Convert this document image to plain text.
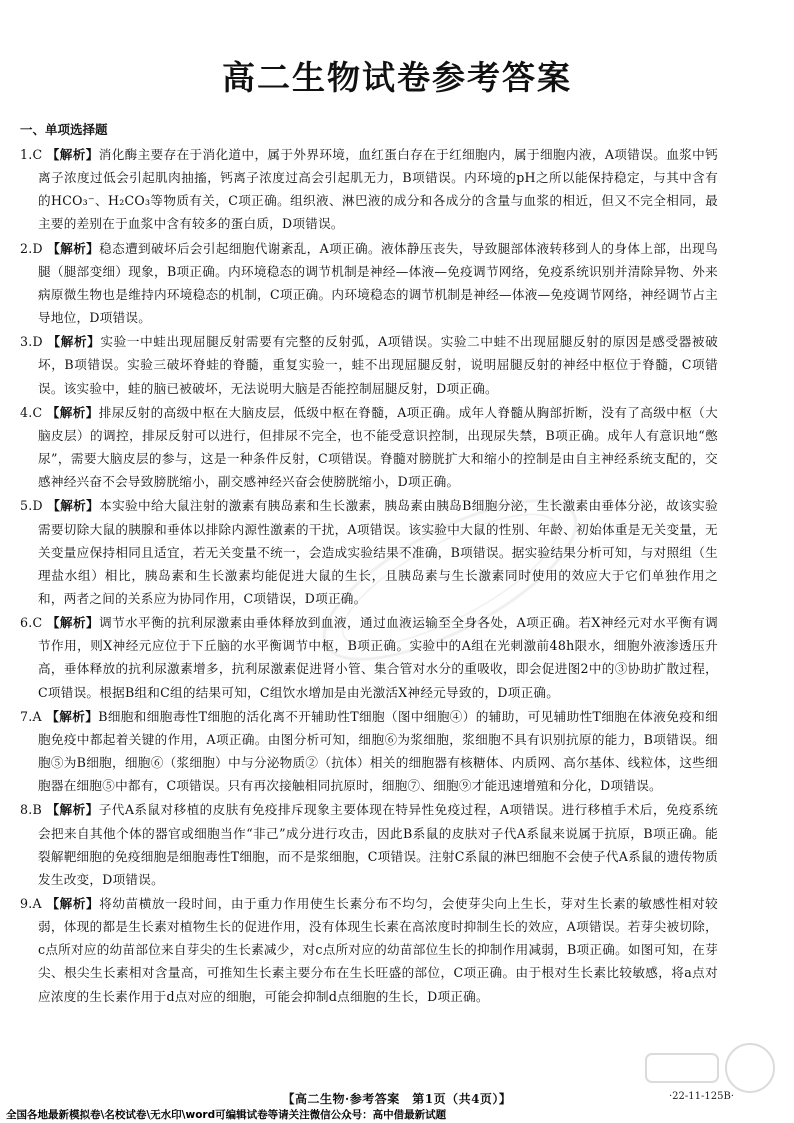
高二生物试卷参考答案
一、单项选择题

1.C 【解析】消化酶主要存在于消化道中，属于外界环境，血红蛋白存在于红细胞内，属于细胞内液，A项错误。血浆中钙离子浓度过低会引起肌肉抽搐，钙离子浓度过高会引起肌无力，B项错误。内环境的pH之所以能保持稳定，与其中含有的HCO₃⁻、H₂CO₃等物质有关，C项正确。组织液、淋巴液的成分和各成分的含量与血浆的相近，但又不完全相同，最主要的差别在于血浆中含有较多的蛋白质，D项错误。

2.D 【解析】稳态遭到破坏后会引起细胞代谢紊乱，A项正确。液体静压丧失，导致腿部体液转移到人的身体上部，出现鸟腿（腿部变细）现象，B项正确。内环境稳态的调节机制是神经—体液—免疫调节网络，免疫系统识别并清除异物、外来病原微生物也是维持内环境稳态的机制，C项正确。内环境稳态的调节机制是神经—体液—免疫调节网络，神经调节占主导地位，D项错误。

3.D 【解析】实验一中蛙出现屈腿反射需要有完整的反射弧，A项错误。实验二中蛙不出现屈腿反射的原因是感受器被破坏，B项错误。实验三破坏脊蛙的脊髓，重复实验一，蛙不出现屈腿反射，说明屈腿反射的神经中枢位于脊髓，C项错误。该实验中，蛙的脑已被破坏，无法说明大脑是否能控制屈腿反射，D项正确。

4.C 【解析】排尿反射的高级中枢在大脑皮层，低级中枢在脊髓，A项正确。成年人脊髓从胸部折断，没有了高级中枢（大脑皮层）的调控，排尿反射可以进行，但排尿不完全，也不能受意识控制，出现尿失禁，B项正确。成年人有意识地“憋尿”，需要大脑皮层的参与，这是一种条件反射，C项错误。脊髓对膀胱扩大和缩小的控制是由自主神经系统支配的，交感神经兴奋不会导致膀胱缩小，副交感神经兴奋会使膀胱缩小，D项正确。

5.D 【解析】本实验中给大鼠注射的激素有胰岛素和生长激素，胰岛素由胰岛B细胞分泌，生长激素由垂体分泌，故该实验需要切除大鼠的胰腺和垂体以排除内源性激素的干扰，A项错误。该实验中大鼠的性别、年龄、初始体重是无关变量，无关变量应保持相同且适宜，若无关变量不统一，会造成实验结果不准确，B项错误。据实验结果分析可知，与对照组（生理盐水组）相比，胰岛素和生长激素均能促进大鼠的生长，且胰岛素与生长激素同时使用的效应大于它们单独作用之和，两者之间的关系应为协同作用，C项错误，D项正确。

6.C 【解析】调节水平衡的抗利尿激素由垂体释放到血液，通过血液运输至全身各处，A项正确。若X神经元对水平衡有调节作用，则X神经元应位于下丘脑的水平衡调节中枢，B项正确。实验中的A组在光刺激前48h限水，细胞外液渗透压升高，垂体释放的抗利尿激素增多，抗利尿激素促进肾小管、集合管对水分的重吸收，即会促进图2中的③协助扩散过程，C项错误。根据B组和C组的结果可知，C组饮水增加是由光激活X神经元导致的，D项正确。

7.A 【解析】B细胞和细胞毒性T细胞的活化离不开辅助性T细胞（图中细胞④）的辅助，可见辅助性T细胞在体液免疫和细胞免疫中都起着关键的作用，A项正确。由图分析可知，细胞⑥为浆细胞，浆细胞不具有识别抗原的能力，B项错误。细胞⑤为B细胞，细胞⑥（浆细胞）中与分泌物质②（抗体）相关的细胞器有核糖体、内质网、高尔基体、线粒体，这些细胞器在细胞⑤中都有，C项错误。只有再次接触相同抗原时，细胞⑦、细胞⑨才能迅速增殖和分化，D项错误。

8.B 【解析】子代A系鼠对移植的皮肤有免疫排斥现象主要体现在特异性免疫过程，A项错误。进行移植手术后，免疫系统会把来自其他个体的器官或细胞当作“非己”成分进行攻击，因此B系鼠的皮肤对子代A系鼠来说属于抗原，B项正确。能裂解靶细胞的免疫细胞是细胞毒性T细胞，而不是浆细胞，C项错误。注射C系鼠的淋巴细胞不会使子代A系鼠的遗传物质发生改变，D项错误。

9.A 【解析】将幼苗横放一段时间，由于重力作用使生长素分布不均匀，会使芽尖向上生长，芽对生长素的敏感性相对较弱，体现的都是生长素对植物生长的促进作用，没有体现生长素在高浓度时抑制生长的效应，A项错误。若芽尖被切除，c点所对应的幼苗部位来自芽尖的生长素减少，对c点所对应的幼苗部位生长的抑制作用减弱，B项正确。如图可知，在芽尖、根尖生长素相对含量高，可推知生长素主要分布在生长旺盛的部位，C项正确。由于根对生长素比较敏感，将a点对应浓度的生长素作用于d点对应的细胞，可能会抑制d点细胞的生长，D项正确。

【高二生物·参考答案　第1页（共4页）】	·22-11-125B·
全国各地最新模拟卷\名校试卷\无水印\word可编辑试卷等请关注微信公众号：高中借最新试题
